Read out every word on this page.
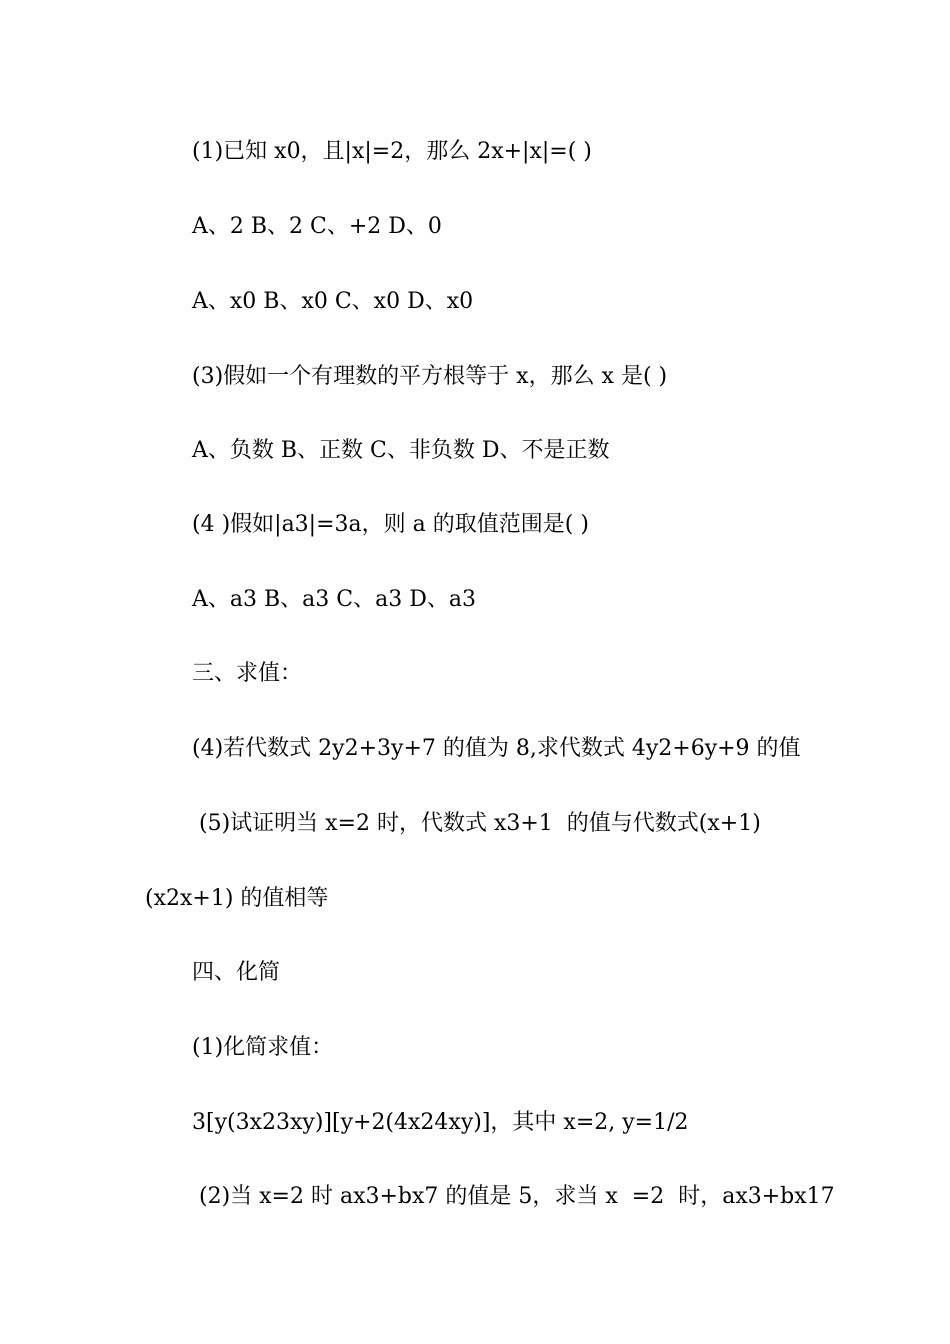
(1)已知 x0，且|x|=2，那么 2x+|x|=( )

A、2 B、2 C、+2 D、0

A、x0 B、x0 C、x0 D、x0

(3)假如一个有理数的平方根等于 x，那么 x 是( )

A、负数 B、正数 C、非负数 D、不是正数

(4 )假如|a3|=3a，则 a 的取值范围是( )

A、a3 B、a3 C、a3 D、a3

三、求值：

(4)若代数式 2y2+3y+7 的值为 8,求代数式 4y2+6y+9 的值

(5)试证明当 x=2 时，代数式 x3+1  的值与代数式(x+1)

(x2x+1) 的值相等

四、化简

(1)化简求值：

3[y(3x23xy)][y+2(4x24xy)]，其中 x=2, y=1/2

(2)当 x=2 时 ax3+bx7 的值是 5，求当 x  =2  时，ax3+bx17
